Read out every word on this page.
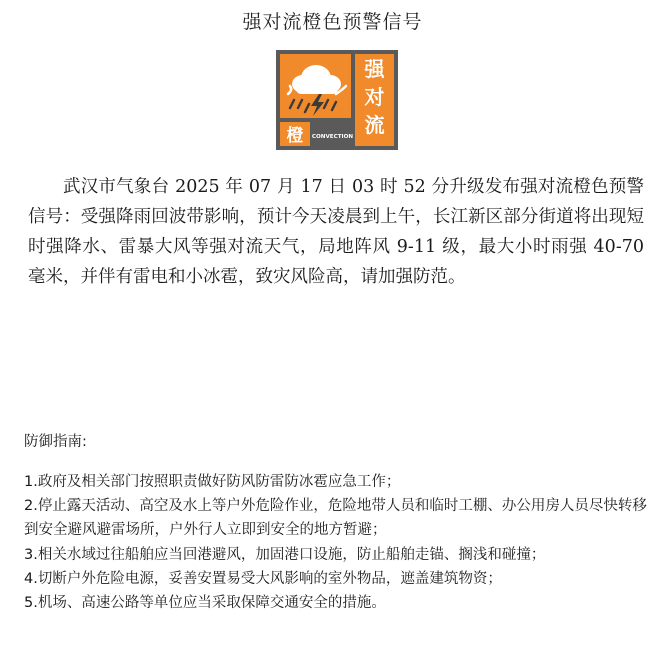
强对流橙色预警信号
强
对
流
橙 CONVECTION

武汉市气象台 2025 年 07 月 17 日 03 时 52 分升级发布强对流橙色预警信号：受强降雨回波带影响，预计今天凌晨到上午，长江新区部分街道将出现短时强降水、雷暴大风等强对流天气，局地阵风 9-11 级，最大小时雨强 40-70 毫米，并伴有雷电和小冰雹，致灾风险高，请加强防范。

防御指南:

1.政府及相关部门按照职责做好防风防雷防冰雹应急工作；
2.停止露天活动、高空及水上等户外危险作业，危险地带人员和临时工棚、办公用房人员尽快转移到安全避风避雷场所，户外行人立即到安全的地方暂避；
3.相关水域过往船舶应当回港避风，加固港口设施，防止船舶走锚、搁浅和碰撞；
4.切断户外危险电源，妥善安置易受大风影响的室外物品，遮盖建筑物资；
5.机场、高速公路等单位应当采取保障交通安全的措施。
